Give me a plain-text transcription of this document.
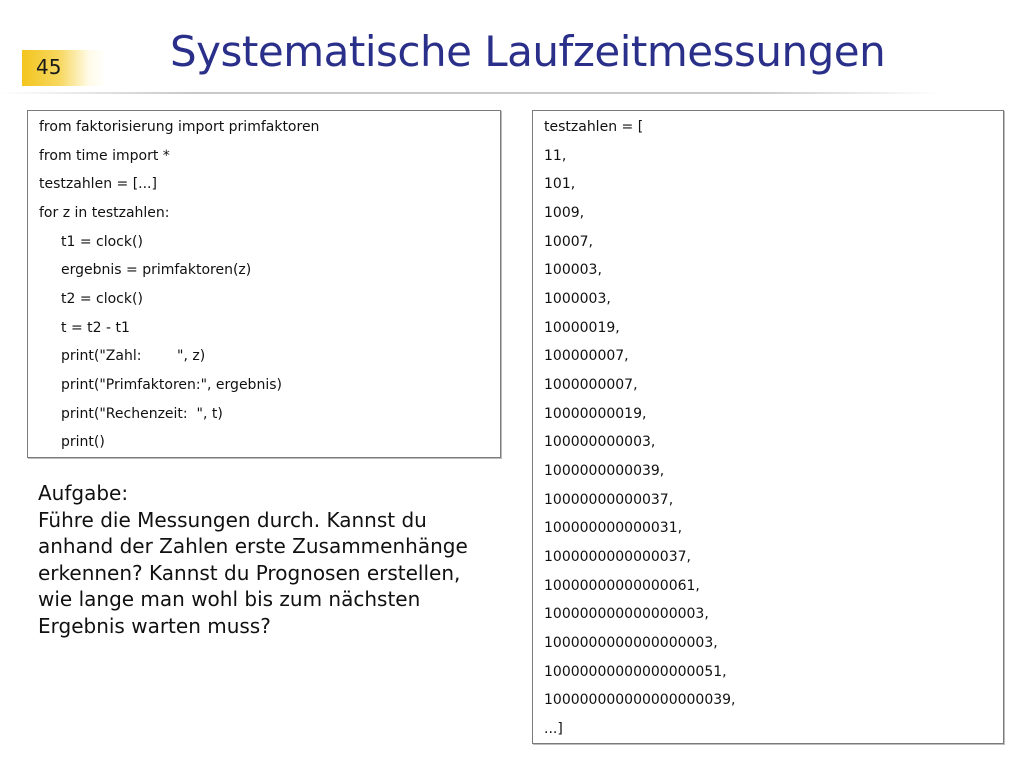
45	Systematische Laufzeitmessungen
from faktorisierung import primfaktoren
from time import *
testzahlen = [...]
for z in testzahlen:
t1 = clock()
ergebnis = primfaktoren(z)
t2 = clock()
t = t2 - t1
print("Zahl:        ", z)
print("Primfaktoren:", ergebnis)
print("Rechenzeit:  ", t)
print()
testzahlen = [
11,
101,
1009,
10007,
100003,
1000003,
10000019,
100000007,
1000000007,
10000000019,
100000000003,
1000000000039,
10000000000037,
100000000000031,
1000000000000037,
10000000000000061,
100000000000000003,
1000000000000000003,
10000000000000000051,
100000000000000000039,
...]
Aufgabe:
Führe die Messungen durch. Kannst du
anhand der Zahlen erste Zusammenhänge
erkennen? Kannst du Prognosen erstellen,
wie lange man wohl bis zum nächsten
Ergebnis warten muss?
